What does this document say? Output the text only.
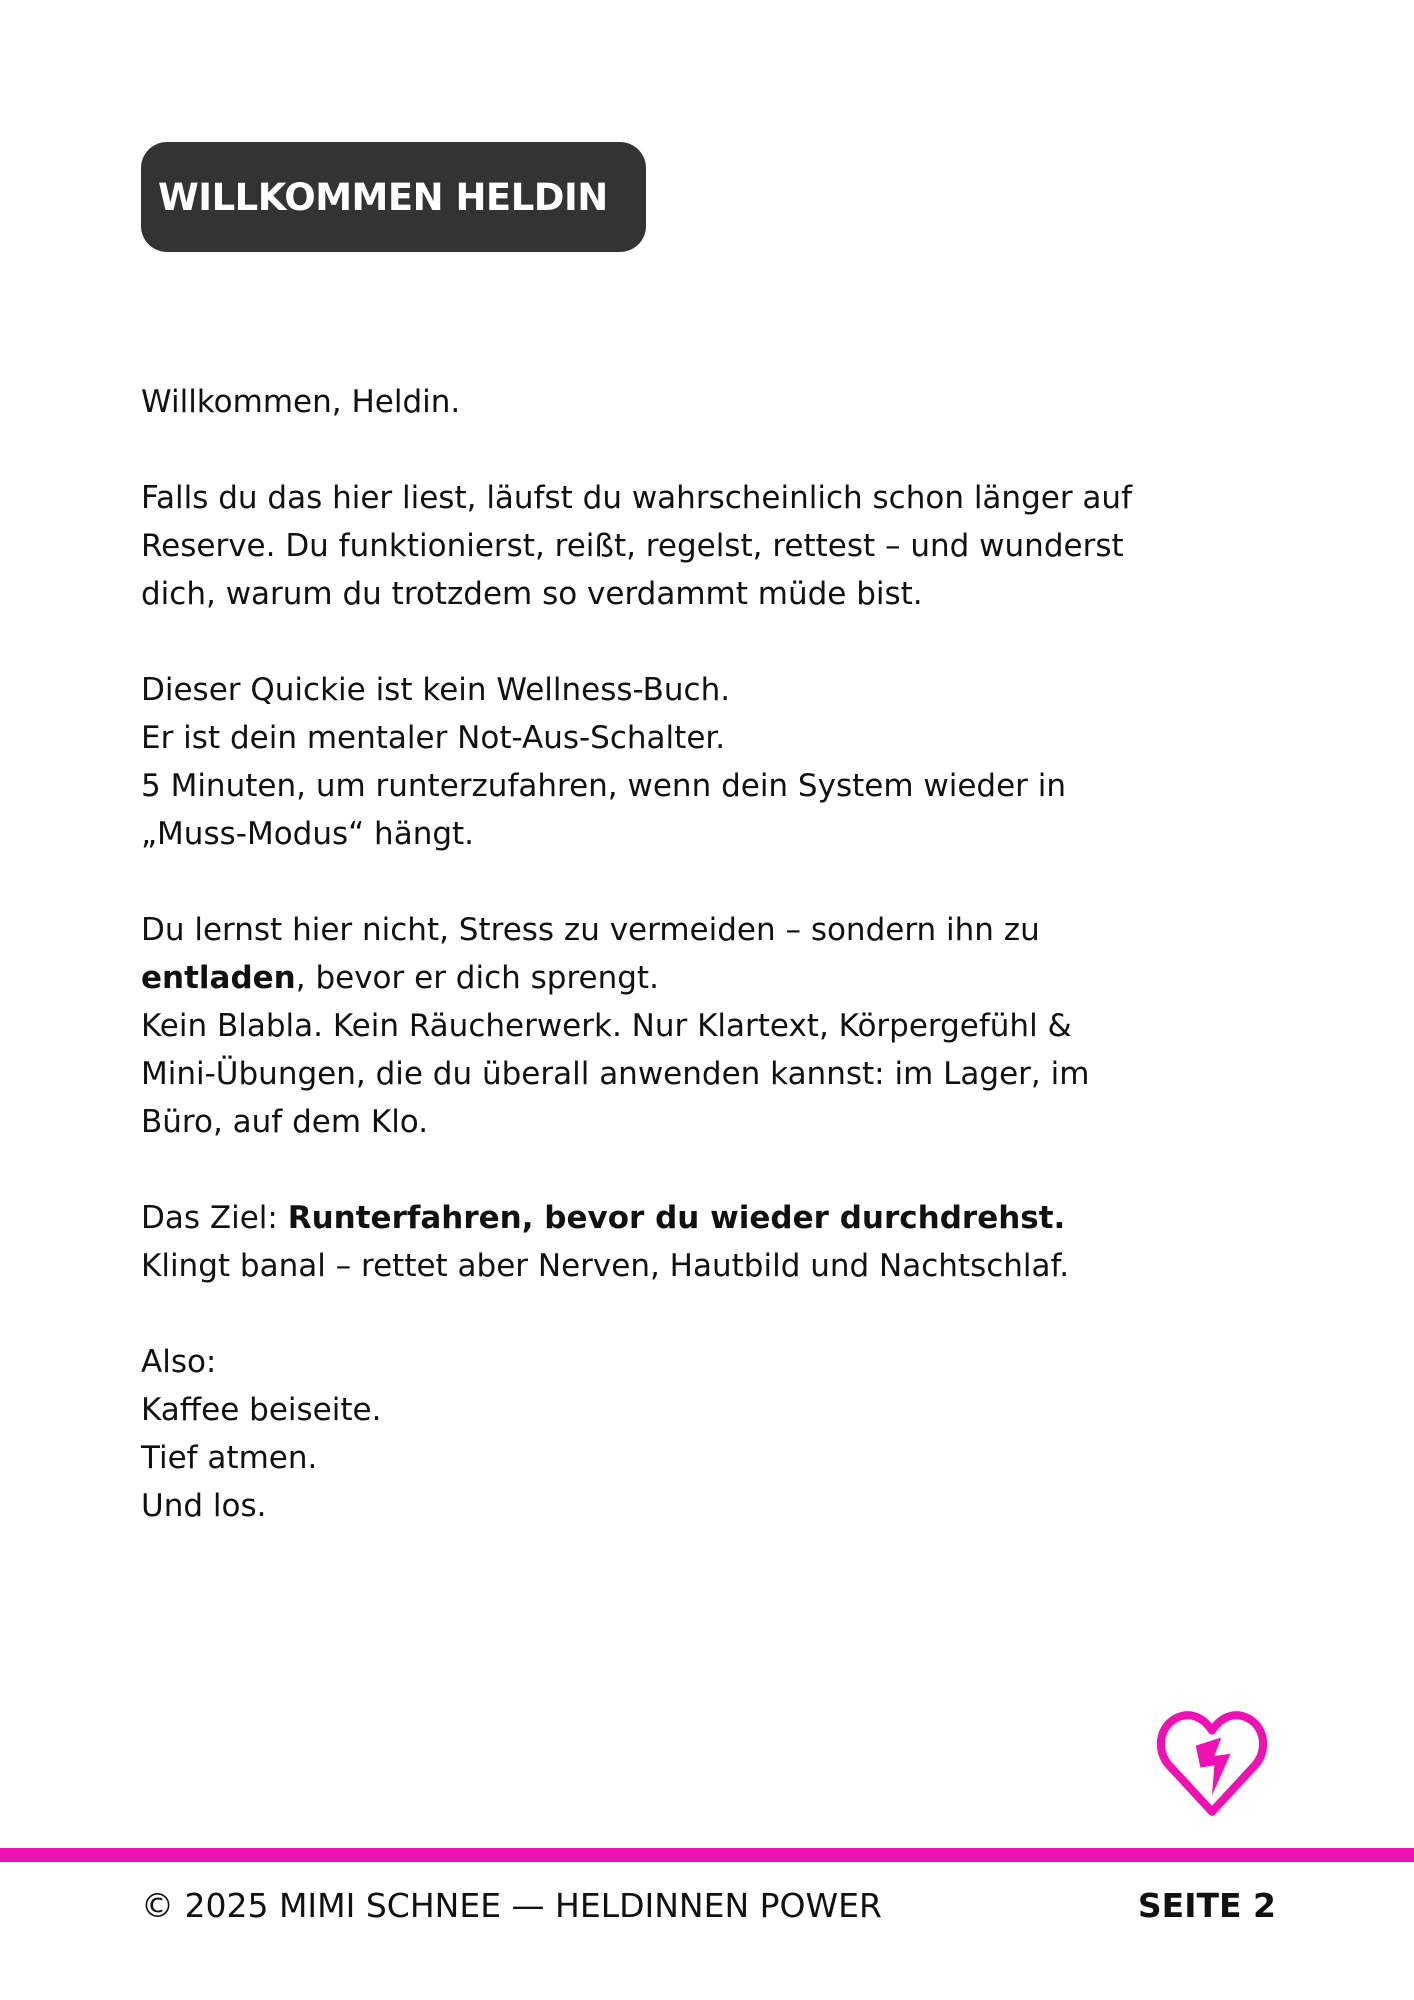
WILLKOMMEN HELDIN
Willkommen, Heldin.
Falls du das hier liest, läufst du wahrscheinlich schon länger auf
Reserve. Du funktionierst, reißt, regelst, rettest – und wunderst
dich, warum du trotzdem so verdammt müde bist.
Dieser Quickie ist kein Wellness-Buch.
Er ist dein mentaler Not-Aus-Schalter.
5 Minuten, um runterzufahren, wenn dein System wieder in
„Muss-Modus“ hängt.
Du lernst hier nicht, Stress zu vermeiden – sondern ihn zu
entladen, bevor er dich sprengt.
Kein Blabla. Kein Räucherwerk. Nur Klartext, Körpergefühl &
Mini-Übungen, die du überall anwenden kannst: im Lager, im
Büro, auf dem Klo.
Das Ziel: Runterfahren, bevor du wieder durchdrehst.
Klingt banal – rettet aber Nerven, Hautbild und Nachtschlaf.
Also:
Kaffee beiseite.
Tief atmen.
Und los.
© 2025 MIMI SCHNEE — HELDINNEN POWER	SEITE 2
